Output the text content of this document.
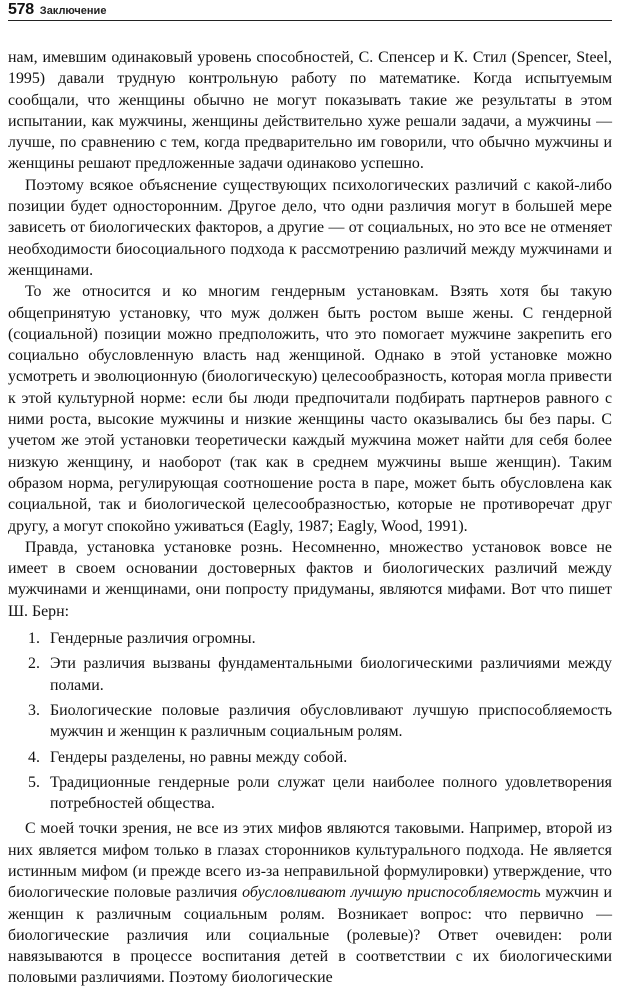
578 Заключение

нам, имевшим одинаковый уровень способностей, С. Спенсер и К. Стил (Spencer, Steel, 1995) давали трудную контрольную работу по математике. Когда испытуемым сообщали, что женщины обычно не могут показывать такие же результаты в этом испытании, как мужчины, женщины действительно хуже решали задачи, а мужчины — лучше, по сравнению с тем, когда предварительно им говорили, что обычно мужчины и женщины решают предложенные задачи одинаково успешно.

Поэтому всякое объяснение существующих психологических различий с какой-либо позиции будет односторонним. Другое дело, что одни различия могут в большей мере зависеть от биологических факторов, а другие — от социальных, но это все не отменяет необходимости биосоциального подхода к рассмотрению различий между мужчинами и женщинами.

То же относится и ко многим гендерным установкам. Взять хотя бы такую общепринятую установку, что муж должен быть ростом выше жены. С гендерной (социальной) позиции можно предположить, что это помогает мужчине закрепить его социально обусловленную власть над женщиной. Однако в этой установке можно усмотреть и эволюционную (биологическую) целесообразность, которая могла привести к этой культурной норме: если бы люди предпочитали подбирать партнеров равного с ними роста, высокие мужчины и низкие женщины часто оказывались бы без пары. С учетом же этой установки теоретически каждый мужчина может найти для себя более низкую женщину, и наоборот (так как в среднем мужчины выше женщин). Таким образом норма, регулирующая соотношение роста в паре, может быть обусловлена как социальной, так и биологической целесообразностью, которые не противоречат друг другу, а могут спокойно уживаться (Eagly, 1987; Eagly, Wood, 1991).

Правда, установка установке рознь. Несомненно, множество установок вовсе не имеет в своем основании достоверных фактов и биологических различий между мужчинами и женщинами, они попросту придуманы, являются мифами. Вот что пишет Ш. Берн:

1. Гендерные различия огромны.
2. Эти различия вызваны фундаментальными биологическими различиями между полами.
3. Биологические половые различия обусловливают лучшую приспособляемость мужчин и женщин к различным социальным ролям.
4. Гендеры разделены, но равны между собой.
5. Традиционные гендерные роли служат цели наиболее полного удовлетворения потребностей общества.

С моей точки зрения, не все из этих мифов являются таковыми. Например, второй из них является мифом только в глазах сторонников культурального подхода. Не является истинным мифом (и прежде всего из-за неправильной формулировки) утверждение, что биологические половые различия обусловливают лучшую приспособляемость мужчин и женщин к различным социальным ролям. Возникает вопрос: что первично — биологические различия или социальные (ролевые)? Ответ очевиден: роли навязываются в процессе воспитания детей в соответствии с их биологическими половыми различиями. Поэтому биологические
